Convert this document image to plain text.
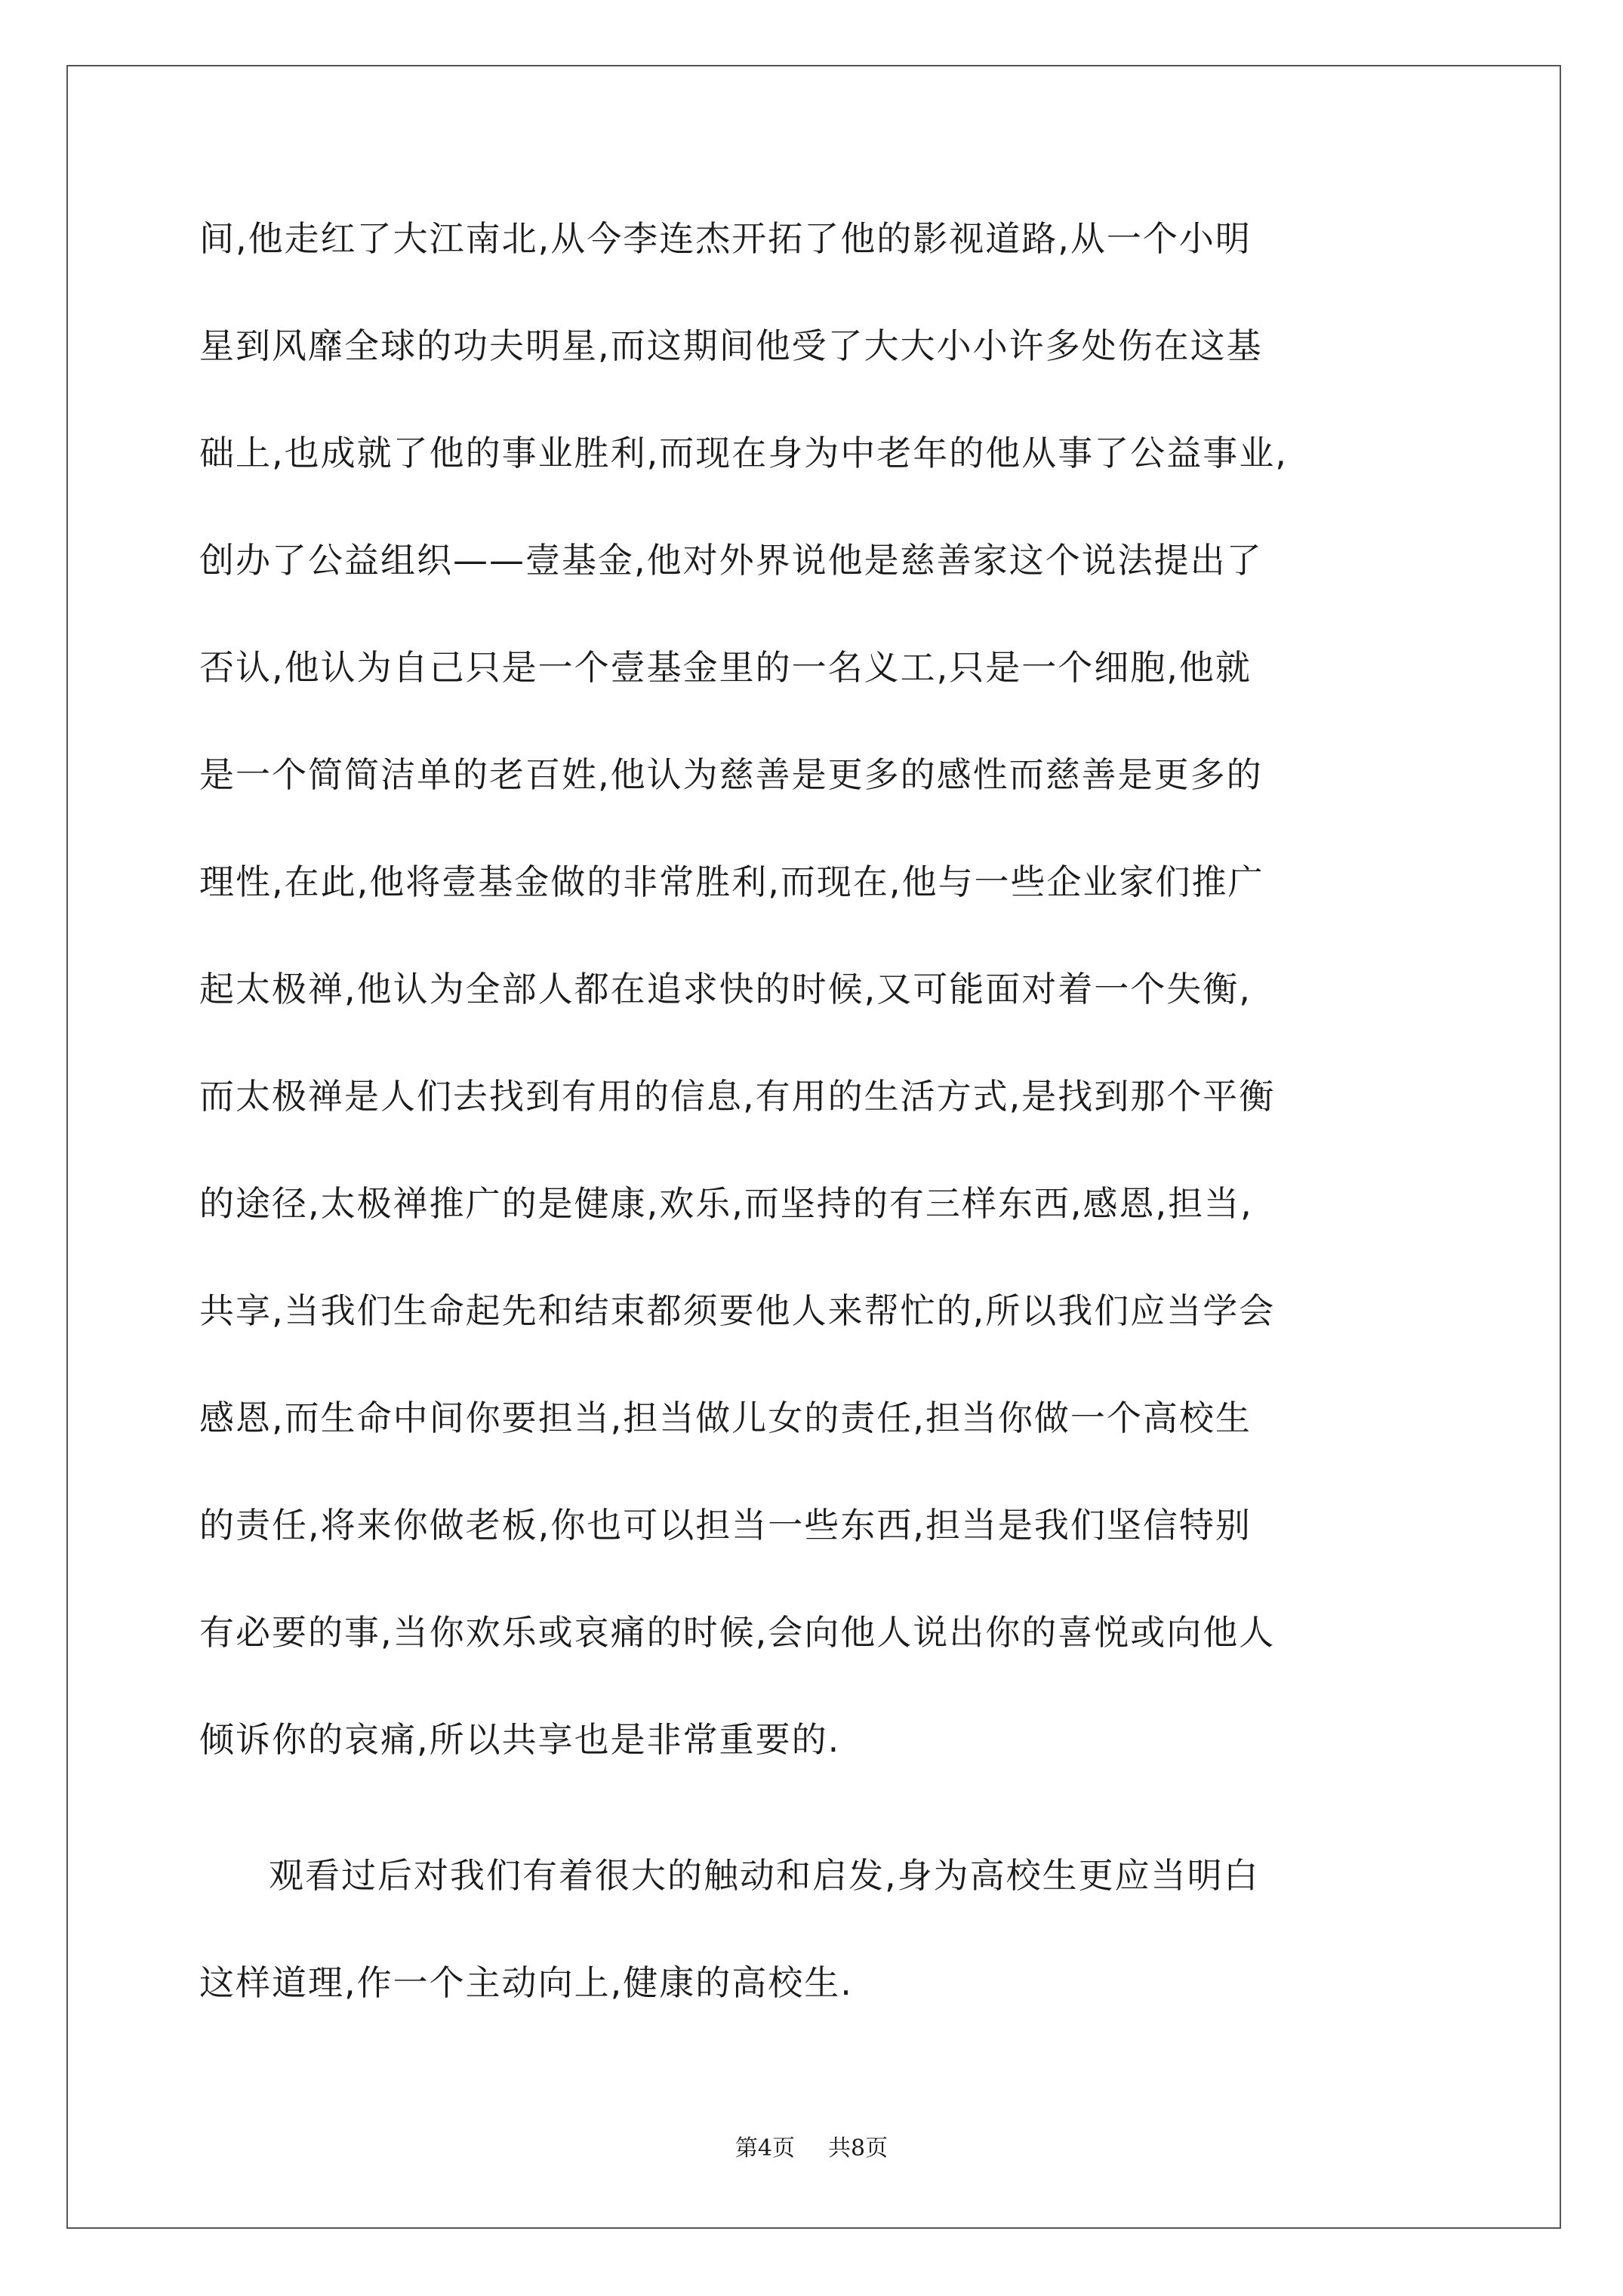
间,他走红了大江南北,从今李连杰开拓了他的影视道路,从一个小明
星到风靡全球的功夫明星,而这期间他受了大大小小许多处伤在这基
础上,也成就了他的事业胜利,而现在身为中老年的他从事了公益事业,
创办了公益组织——壹基金,他对外界说他是慈善家这个说法提出了
否认,他认为自己只是一个壹基金里的一名义工,只是一个细胞,他就
是一个简简洁单的老百姓,他认为慈善是更多的感性而慈善是更多的
理性,在此,他将壹基金做的非常胜利,而现在,他与一些企业家们推广
起太极禅,他认为全部人都在追求快的时候,又可能面对着一个失衡,
而太极禅是人们去找到有用的信息,有用的生活方式,是找到那个平衡
的途径,太极禅推广的是健康,欢乐,而坚持的有三样东西,感恩,担当,
共享,当我们生命起先和结束都须要他人来帮忙的,所以我们应当学会
感恩,而生命中间你要担当,担当做儿女的责任,担当你做一个高校生
的责任,将来你做老板,你也可以担当一些东西,担当是我们坚信特别
有必要的事,当你欢乐或哀痛的时候,会向他人说出你的喜悦或向他人
倾诉你的哀痛,所以共享也是非常重要的.
观看过后对我们有着很大的触动和启发,身为高校生更应当明白
这样道理,作一个主动向上,健康的高校生.
第4页 共8页
